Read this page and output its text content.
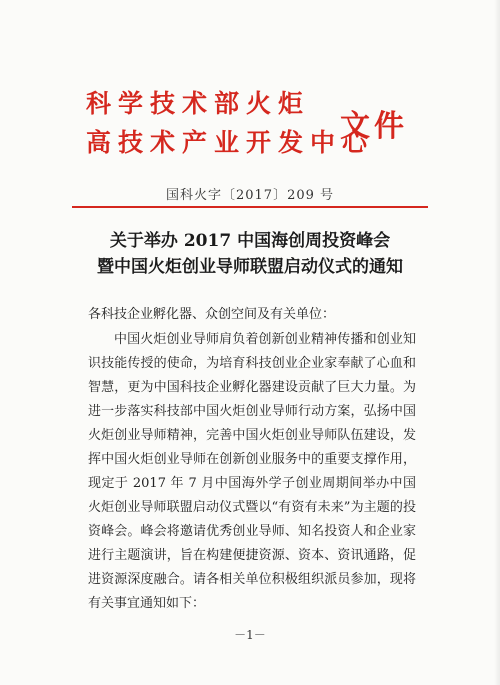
科学技术部火炬
高技术产业开发中心
文件
国科火字〔2017〕209 号
关于举办 2017 中国海创周投资峰会
暨中国火炬创业导师联盟启动仪式的通知
各科技企业孵化器、众创空间及有关单位：
中国火炬创业导师肩负着创新创业精神传播和创业知识技能传授的使命，为培育科技创业企业家奉献了心血和智慧，更为中国科技企业孵化器建设贡献了巨大力量。为进一步落实科技部中国火炬创业导师行动方案，弘扬中国火炬创业导师精神，完善中国火炬创业导师队伍建设，发挥中国火炬创业导师在创新创业服务中的重要支撑作用，现定于 2017 年 7 月中国海外学子创业周期间举办中国火炬创业导师联盟启动仪式暨以“有资有未来”为主题的投资峰会。峰会将邀请优秀创业导师、知名投资人和企业家进行主题演讲，旨在构建便捷资源、资本、资讯通路，促进资源深度融合。请各相关单位积极组织派员参加，现将有关事宜通知如下：
－1－
